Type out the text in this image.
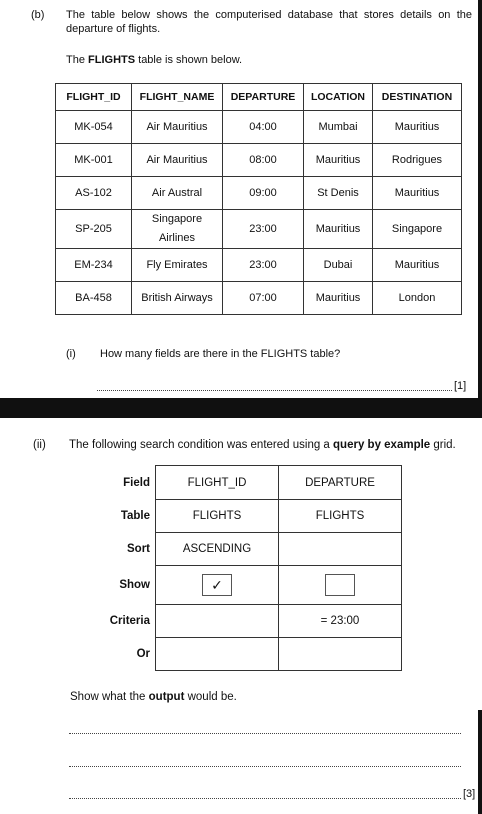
(b) The table below shows the computerised database that stores details on the departure of flights.
The FLIGHTS table is shown below.
FLIGHT_ID	FLIGHT_NAME	DEPARTURE	LOCATION	DESTINATION
MK-054	Air Mauritius	04:00	Mumbai	Mauritius
MK-001	Air Mauritius	08:00	Mauritius	Rodrigues
AS-102	Air Austral	09:00	St Denis	Mauritius
SP-205	Singapore Airlines	23:00	Mauritius	Singapore
EM-234	Fly Emirates	23:00	Dubai	Mauritius
BA-458	British Airways	07:00	Mauritius	London
(i) How many fields are there in the FLIGHTS table?
[1]
(ii) The following search condition was entered using a query by example grid.
Field	FLIGHT_ID	DEPARTURE
Table	FLIGHTS	FLIGHTS
Sort	ASCENDING	
Show	✓	
Criteria		= 23:00
Or		
Show what the output would be.
[3]
